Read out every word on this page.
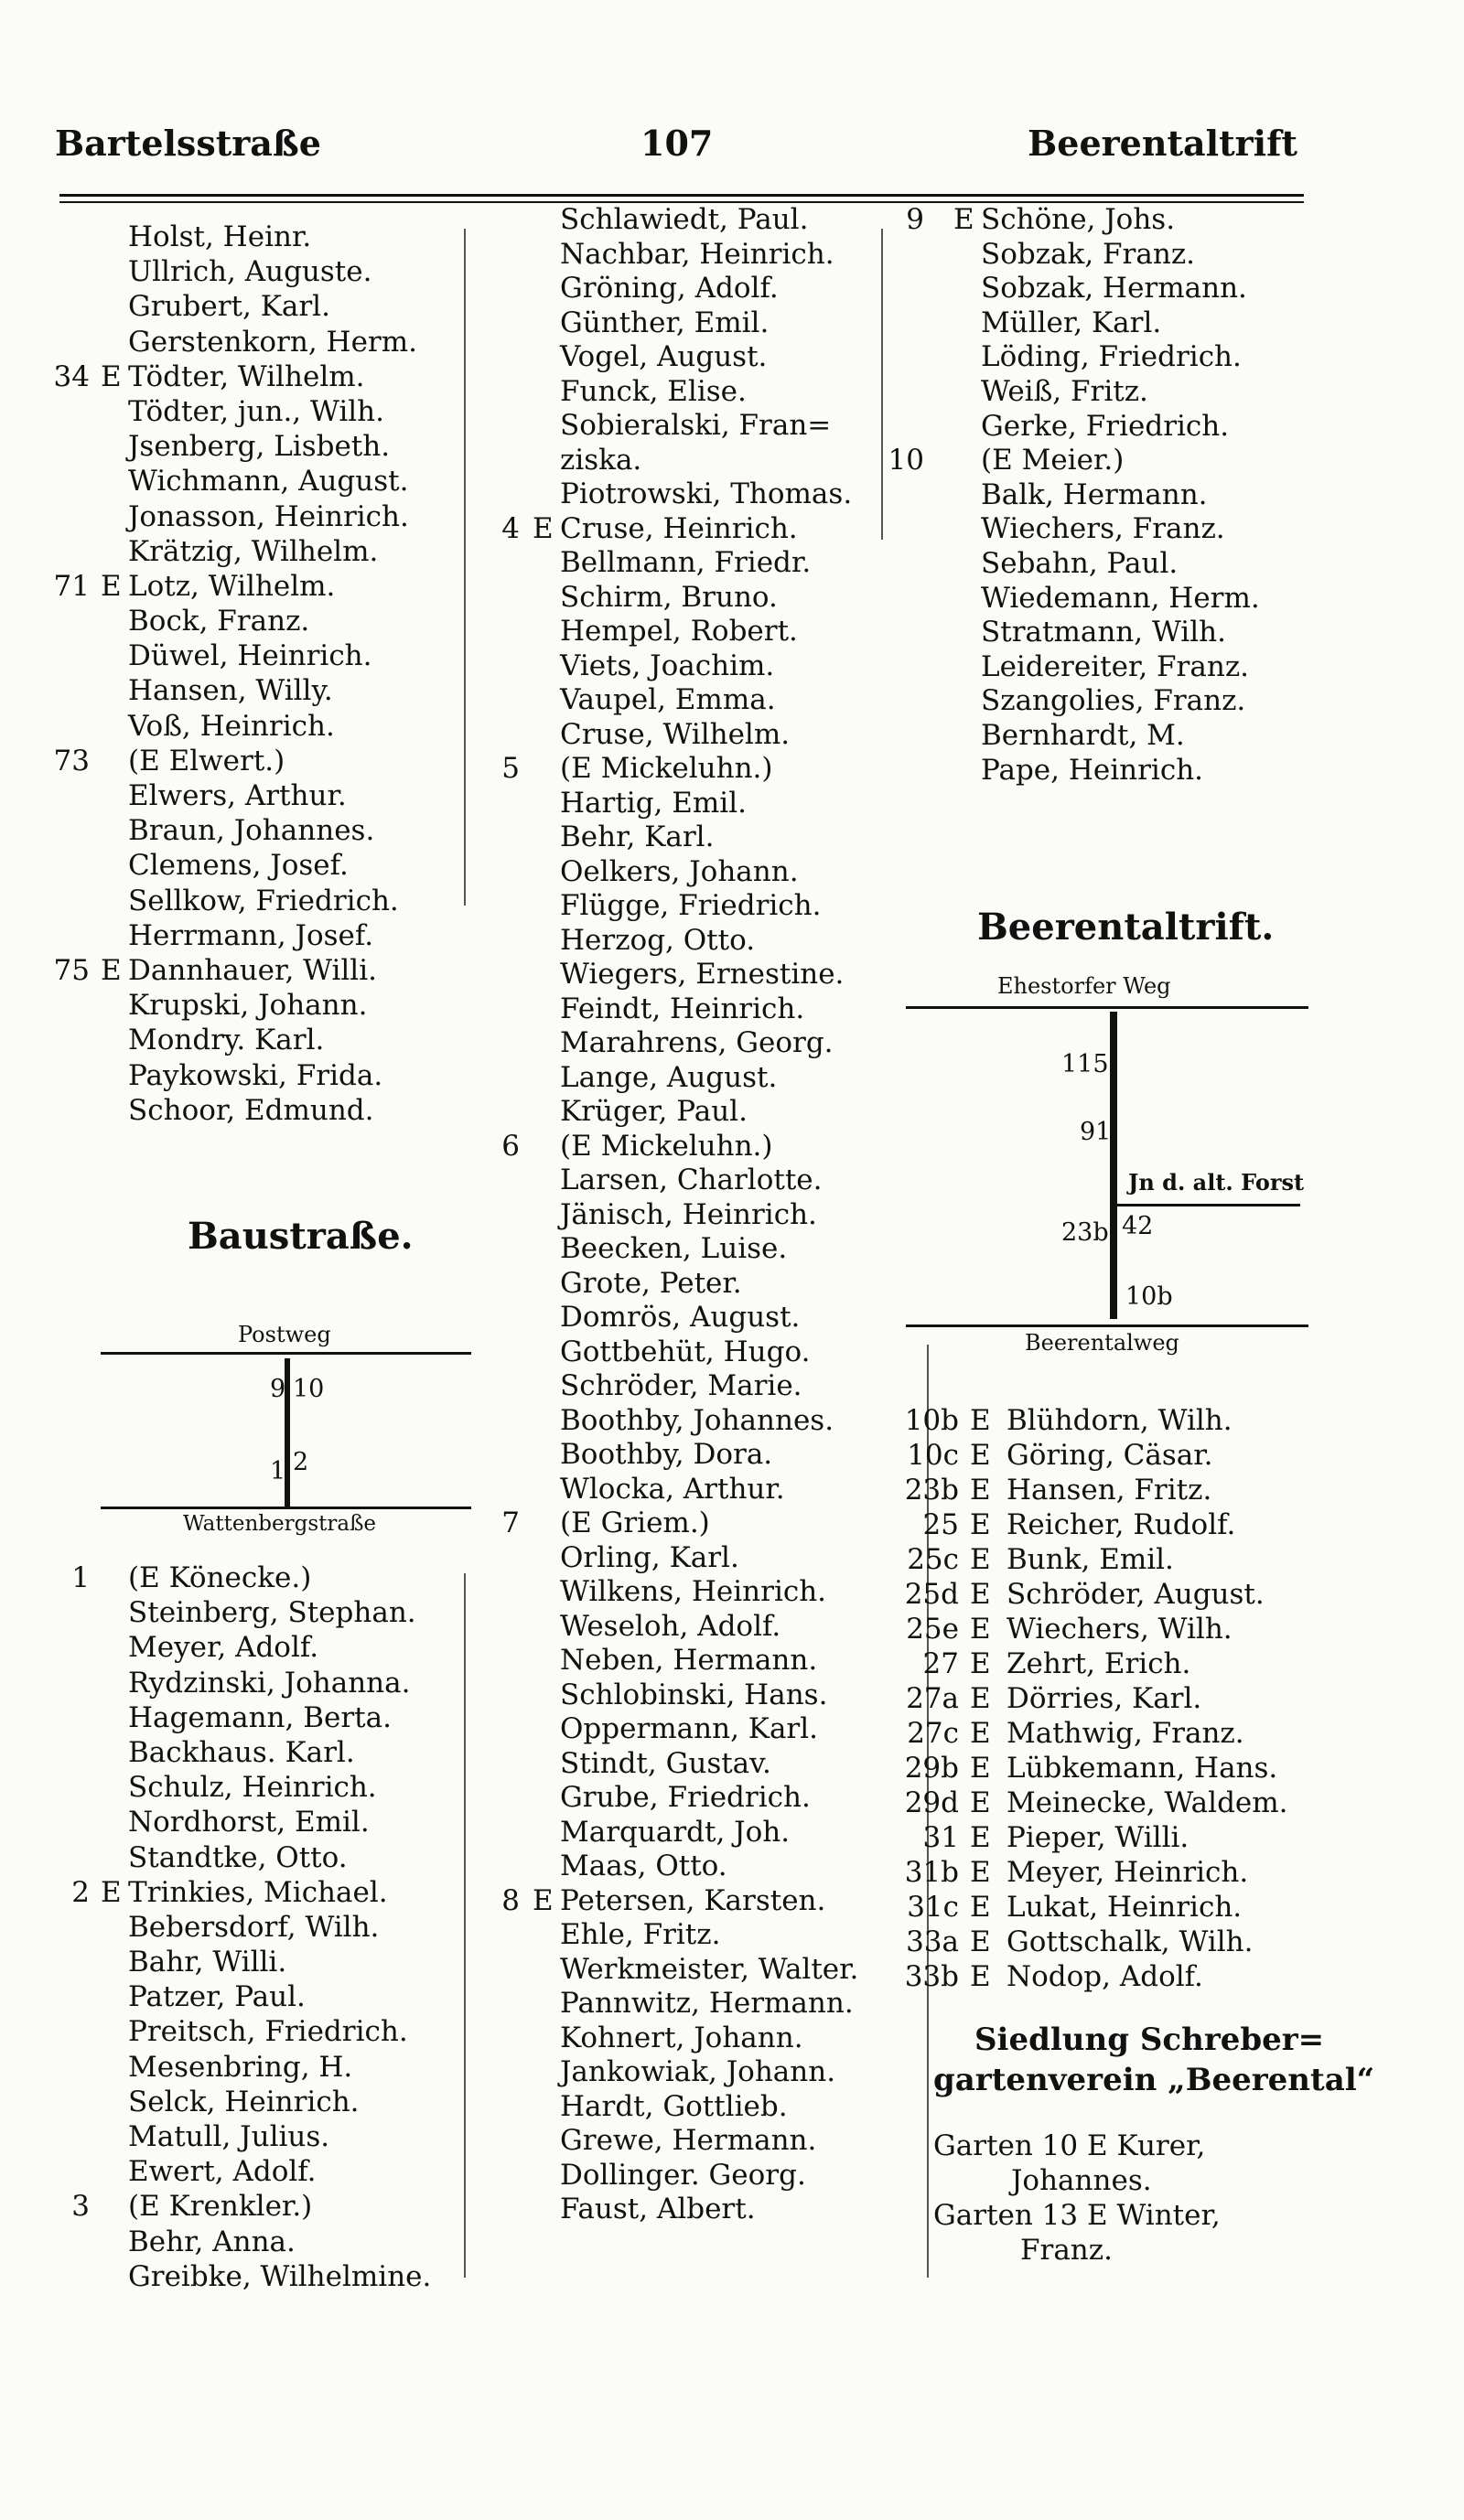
Bartelsstraße	107	Beerentaltrift
Holst, Heinr.
Ullrich, Auguste.
Grubert, Karl.
Gerstenkorn, Herm.
34 E Tödter, Wilhelm.
Tödter, jun., Wilh.
Jsenberg, Lisbeth.
Wichmann, August.
Jonasson, Heinrich.
Krätzig, Wilhelm.
71 E Lotz, Wilhelm.
Bock, Franz.
Düwel, Heinrich.
Hansen, Willy.
Voß, Heinrich.
73 (E Elwert.)
Elwers, Arthur.
Braun, Johannes.
Clemens, Josef.
Sellkow, Friedrich.
Herrmann, Josef.
75 E Dannhauer, Willi.
Krupski, Johann.
Mondry. Karl.
Paykowski, Frida.
Schoor, Edmund.
Baustraße.
Postweg
9 10
1 2
Wattenbergstraße
1 (E Könecke.)
Steinberg, Stephan.
Meyer, Adolf.
Rydzinski, Johanna.
Hagemann, Berta.
Backhaus. Karl.
Schulz, Heinrich.
Nordhorst, Emil.
Standtke, Otto.
2 E Trinkies, Michael.
Bebersdorf, Wilh.
Bahr, Willi.
Patzer, Paul.
Preitsch, Friedrich.
Mesenbring, H.
Selck, Heinrich.
Matull, Julius.
Ewert, Adolf.
3 (E Krenkler.)
Behr, Anna.
Greibke, Wilhelmine.
Schlawiedt, Paul.
Nachbar, Heinrich.
Gröning, Adolf.
Günther, Emil.
Vogel, August.
Funck, Elise.
Sobieralski, Fran=
ziska.
Piotrowski, Thomas.
4 E Cruse, Heinrich.
Bellmann, Friedr.
Schirm, Bruno.
Hempel, Robert.
Viets, Joachim.
Vaupel, Emma.
Cruse, Wilhelm.
5 (E Mickeluhn.)
Hartig, Emil.
Behr, Karl.
Oelkers, Johann.
Flügge, Friedrich.
Herzog, Otto.
Wiegers, Ernestine.
Feindt, Heinrich.
Marahrens, Georg.
Lange, August.
Krüger, Paul.
6 (E Mickeluhn.)
Larsen, Charlotte.
Jänisch, Heinrich.
Beecken, Luise.
Grote, Peter.
Domrös, August.
Gottbehüt, Hugo.
Schröder, Marie.
Boothby, Johannes.
Boothby, Dora.
Wlocka, Arthur.
7 (E Griem.)
Orling, Karl.
Wilkens, Heinrich.
Weseloh, Adolf.
Neben, Hermann.
Schlobinski, Hans.
Oppermann, Karl.
Stindt, Gustav.
Grube, Friedrich.
Marquardt, Joh.
Maas, Otto.
8 E Petersen, Karsten.
Ehle, Fritz.
Werkmeister, Walter.
Pannwitz, Hermann.
Kohnert, Johann.
Jankowiak, Johann.
Hardt, Gottlieb.
Grewe, Hermann.
Dollinger. Georg.
Faust, Albert.
9 E Schöne, Johs.
Sobzak, Franz.
Sobzak, Hermann.
Müller, Karl.
Löding, Friedrich.
Weiß, Fritz.
Gerke, Friedrich.
10 (E Meier.)
Balk, Hermann.
Wiechers, Franz.
Sebahn, Paul.
Wiedemann, Herm.
Stratmann, Wilh.
Leidereiter, Franz.
Szangolies, Franz.
Bernhardt, M.
Pape, Heinrich.
Beerentaltrift.
Ehestorfer Weg
115
91
Jn d. alt. Forst
23b 42
10b
Beerentalweg
10b E Blühdorn, Wilh.
10c E Göring, Cäsar.
23b E Hansen, Fritz.
25 E Reicher, Rudolf.
25c E Bunk, Emil.
25d E Schröder, August.
25e E Wiechers, Wilh.
27 E Zehrt, Erich.
27a E Dörries, Karl.
27c E Mathwig, Franz.
29b E Lübkemann, Hans.
29d E Meinecke, Waldem.
31 E Pieper, Willi.
31b E Meyer, Heinrich.
31c E Lukat, Heinrich.
33a E Gottschalk, Wilh.
33b E Nodop, Adolf.
Siedlung Schreber=
gartenverein „Beerental“
Garten 10 E Kurer,
Johannes.
Garten 13 E Winter,
Franz.
